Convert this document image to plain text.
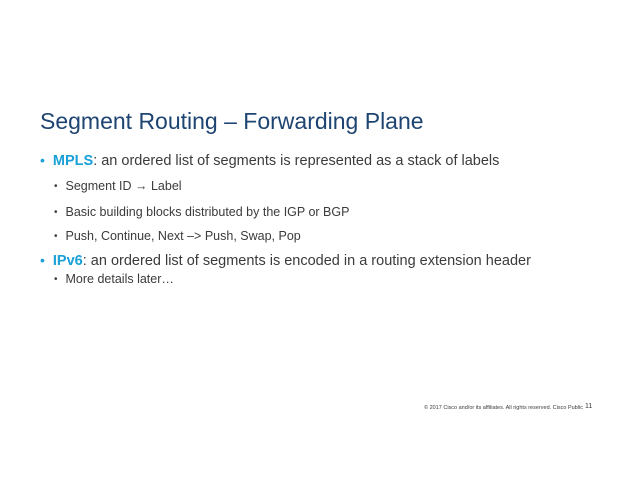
Segment Routing – Forwarding Plane
• MPLS: an ordered list of segments is represented as a stack of labels
• Segment ID → Label
• Basic building blocks distributed by the IGP or BGP
• Push, Continue, Next –> Push, Swap, Pop
• IPv6: an ordered list of segments is encoded in a routing extension header
• More details later…
© 2017 Cisco and/or its affiliates. All rights reserved. Cisco Public 11
